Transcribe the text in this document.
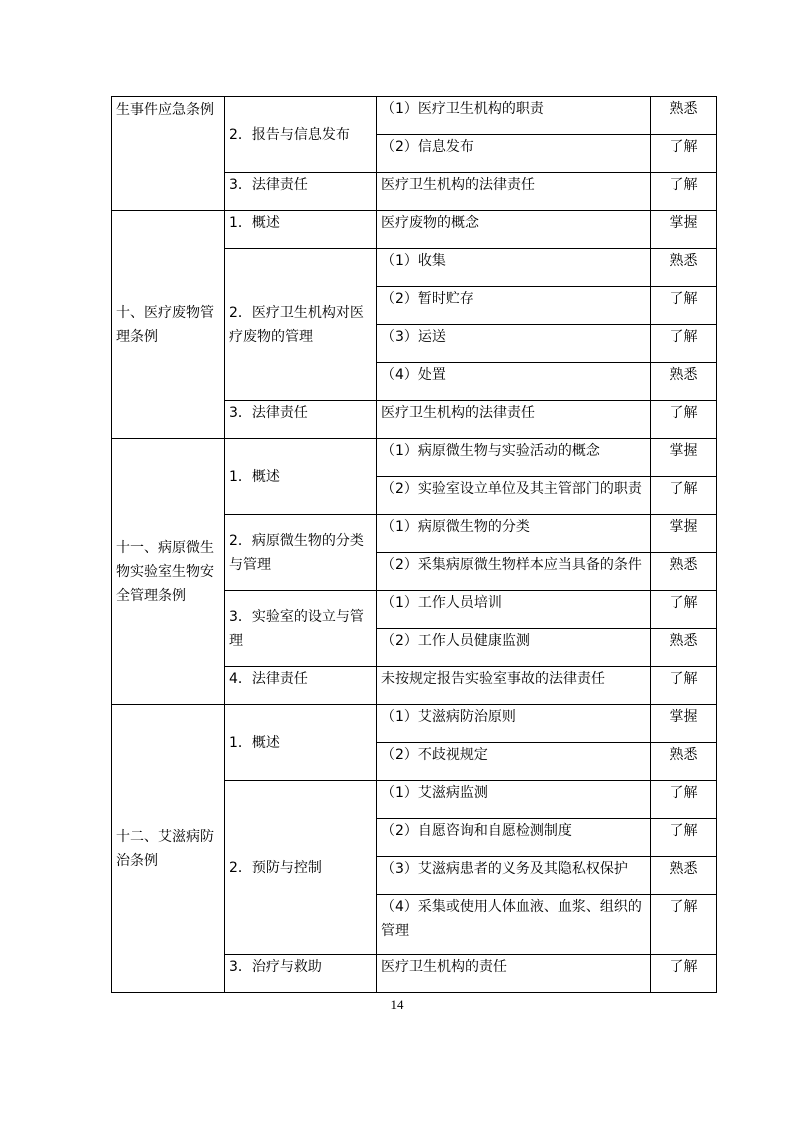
生事件应急条例	2．报告与信息发布	（1）医疗卫生机构的职责	熟悉
		（2）信息发布	了解
	3．法律责任	医疗卫生机构的法律责任	了解
十、医疗废物管理条例	1．概述	医疗废物的概念	掌握
	2．医疗卫生机构对医疗废物的管理	（1）收集	熟悉
		（2）暂时贮存	了解
		（3）运送	了解
		（4）处置	熟悉
	3．法律责任	医疗卫生机构的法律责任	了解
十一、病原微生物实验室生物安全管理条例	1．概述	（1）病原微生物与实验活动的概念	掌握
		（2）实验室设立单位及其主管部门的职责	了解
	2．病原微生物的分类与管理	（1）病原微生物的分类	掌握
		（2）采集病原微生物样本应当具备的条件	熟悉
	3．实验室的设立与管理	（1）工作人员培训	了解
		（2）工作人员健康监测	熟悉
	4．法律责任	未按规定报告实验室事故的法律责任	了解
十二、艾滋病防治条例	1．概述	（1）艾滋病防治原则	掌握
		（2）不歧视规定	熟悉
	2．预防与控制	（1）艾滋病监测	了解
		（2）自愿咨询和自愿检测制度	了解
		（3）艾滋病患者的义务及其隐私权保护	熟悉
		（4）采集或使用人体血液、血浆、组织的管理	了解
	3．治疗与救助	医疗卫生机构的责任	了解
14
